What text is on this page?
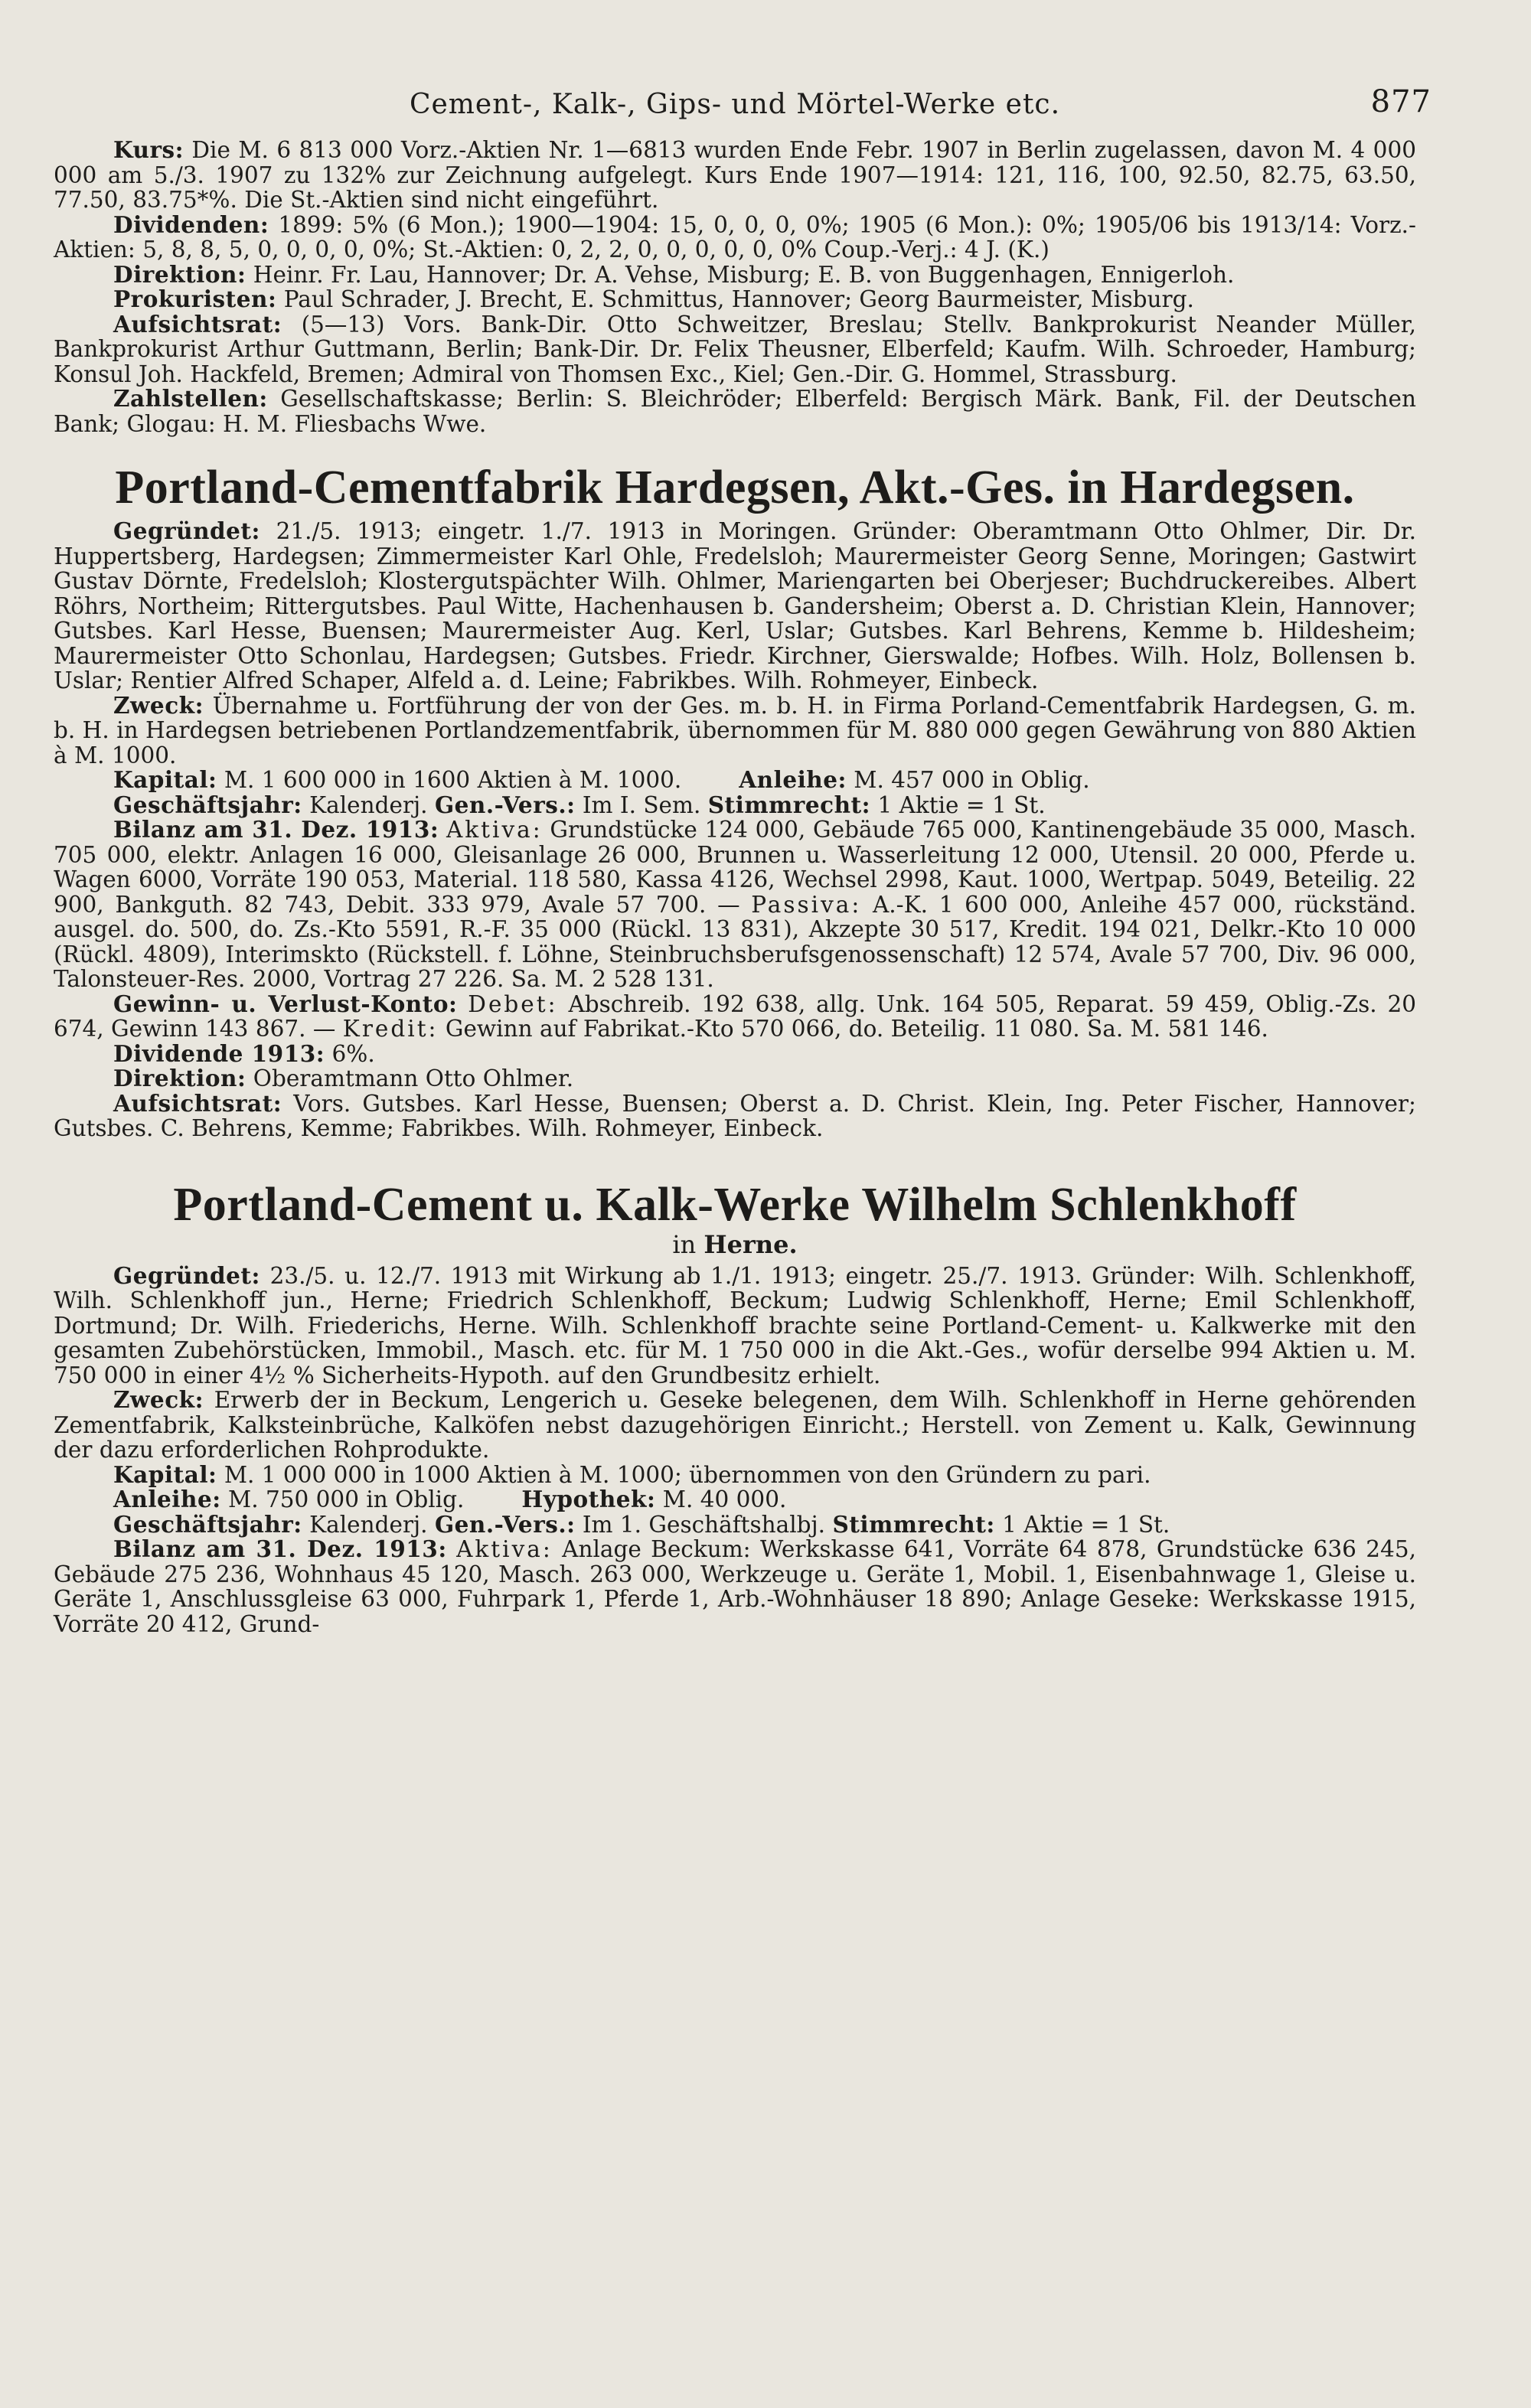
Cement-, Kalk-, Gips- und Mörtel-Werke etc.	877

Kurs: Die M. 6 813 000 Vorz.-Aktien Nr. 1—6813 wurden Ende Febr. 1907 in Berlin zugelassen, davon M. 4 000 000 am 5./3. 1907 zu 132% zur Zeichnung aufgelegt. Kurs Ende 1907—1914: 121, 116, 100, 92.50, 82.75, 63.50, 77.50, 83.75*%. Die St.-Aktien sind nicht eingeführt.

Dividenden: 1899: 5% (6 Mon.); 1900—1904: 15, 0, 0, 0, 0%; 1905 (6 Mon.): 0%; 1905/06 bis 1913/14: Vorz.-Aktien: 5, 8, 8, 5, 0, 0, 0, 0, 0%; St.-Aktien: 0, 2, 2, 0, 0, 0, 0, 0, 0% Coup.-Verj.: 4 J. (K.)

Direktion: Heinr. Fr. Lau, Hannover; Dr. A. Vehse, Misburg; E. B. von Buggenhagen, Ennigerloh.

Prokuristen: Paul Schrader, J. Brecht, E. Schmittus, Hannover; Georg Baurmeister, Misburg.

Aufsichtsrat: (5—13) Vors. Bank-Dir. Otto Schweitzer, Breslau; Stellv. Bankprokurist Neander Müller, Bankprokurist Arthur Guttmann, Berlin; Bank-Dir. Dr. Felix Theusner, Elberfeld; Kaufm. Wilh. Schroeder, Hamburg; Konsul Joh. Hackfeld, Bremen; Admiral von Thomsen Exc., Kiel; Gen.-Dir. G. Hommel, Strassburg.

Zahlstellen: Gesellschaftskasse; Berlin: S. Bleichröder; Elberfeld: Bergisch Märk. Bank, Fil. der Deutschen Bank; Glogau: H. M. Fliesbachs Wwe.

Portland-Cementfabrik Hardegsen, Akt.-Ges. in Hardegsen.

Gegründet: 21./5. 1913; eingetr. 1./7. 1913 in Moringen. Gründer: Oberamtmann Otto Ohlmer, Dir. Dr. Huppertsberg, Hardegsen; Zimmermeister Karl Ohle, Fredelsloh; Maurermeister Georg Senne, Moringen; Gastwirt Gustav Dörnte, Fredelsloh; Klostergutspächter Wilh. Ohlmer, Mariengarten bei Oberjeser; Buchdruckereibes. Albert Röhrs, Northeim; Rittergutsbes. Paul Witte, Hachenhausen b. Gandersheim; Oberst a. D. Christian Klein, Hannover; Gutsbes. Karl Hesse, Buensen; Maurermeister Aug. Kerl, Uslar; Gutsbes. Karl Behrens, Kemme b. Hildesheim; Maurermeister Otto Schonlau, Hardegsen; Gutsbes. Friedr. Kirchner, Gierswalde; Hofbes. Wilh. Holz, Bollensen b. Uslar; Rentier Alfred Schaper, Alfeld a. d. Leine; Fabrikbes. Wilh. Rohmeyer, Einbeck.

Zweck: Übernahme u. Fortführung der von der Ges. m. b. H. in Firma Porland-Cementfabrik Hardegsen, G. m. b. H. in Hardegsen betriebenen Portlandzementfabrik, übernommen für M. 880 000 gegen Gewährung von 880 Aktien à M. 1000.

Kapital: M. 1 600 000 in 1600 Aktien à M. 1000.	Anleihe: M. 457 000 in Oblig.

Geschäftsjahr: Kalenderj. Gen.-Vers.: Im I. Sem. Stimmrecht: 1 Aktie = 1 St.

Bilanz am 31. Dez. 1913: Aktiva: Grundstücke 124 000, Gebäude 765 000, Kantinengebäude 35 000, Masch. 705 000, elektr. Anlagen 16 000, Gleisanlage 26 000, Brunnen u. Wasserleitung 12 000, Utensil. 20 000, Pferde u. Wagen 6000, Vorräte 190 053, Material. 118 580, Kassa 4126, Wechsel 2998, Kaut. 1000, Wertpap. 5049, Beteilig. 22 900, Bankguth. 82 743, Debit. 333 979, Avale 57 700. — Passiva: A.-K. 1 600 000, Anleihe 457 000, rückständ. ausgel. do. 500, do. Zs.-Kto 5591, R.-F. 35 000 (Rückl. 13 831), Akzepte 30 517, Kredit. 194 021, Delkr.-Kto 10 000 (Rückl. 4809), Interimskto (Rückstell. f. Löhne, Steinbruchsberufsgenossenschaft) 12 574, Avale 57 700, Div. 96 000, Talonsteuer-Res. 2000, Vortrag 27 226. Sa. M. 2 528 131.

Gewinn- u. Verlust-Konto: Debet: Abschreib. 192 638, allg. Unk. 164 505, Reparat. 59 459, Oblig.-Zs. 20 674, Gewinn 143 867. — Kredit: Gewinn auf Fabrikat.-Kto 570 066, do. Beteilig. 11 080. Sa. M. 581 146.

Dividende 1913: 6%.

Direktion: Oberamtmann Otto Ohlmer.

Aufsichtsrat: Vors. Gutsbes. Karl Hesse, Buensen; Oberst a. D. Christ. Klein, Ing. Peter Fischer, Hannover; Gutsbes. C. Behrens, Kemme; Fabrikbes. Wilh. Rohmeyer, Einbeck.

Portland-Cement u. Kalk-Werke Wilhelm Schlenkhoff
in Herne.

Gegründet: 23./5. u. 12./7. 1913 mit Wirkung ab 1./1. 1913; eingetr. 25./7. 1913. Gründer: Wilh. Schlenkhoff, Wilh. Schlenkhoff jun., Herne; Friedrich Schlenkhoff, Beckum; Ludwig Schlenkhoff, Herne; Emil Schlenkhoff, Dortmund; Dr. Wilh. Friederichs, Herne. Wilh. Schlenkhoff brachte seine Portland-Cement- u. Kalkwerke mit den gesamten Zubehörstücken, Immobil., Masch. etc. für M. 1 750 000 in die Akt.-Ges., wofür derselbe 994 Aktien u. M. 750 000 in einer 4½ % Sicherheits-Hypoth. auf den Grundbesitz erhielt.

Zweck: Erwerb der in Beckum, Lengerich u. Geseke belegenen, dem Wilh. Schlenkhoff in Herne gehörenden Zementfabrik, Kalksteinbrüche, Kalköfen nebst dazugehörigen Einricht.; Herstell. von Zement u. Kalk, Gewinnung der dazu erforderlichen Rohprodukte.

Kapital: M. 1 000 000 in 1000 Aktien à M. 1000; übernommen von den Gründern zu pari.

Anleihe: M. 750 000 in Oblig.	Hypothek: M. 40 000.

Geschäftsjahr: Kalenderj. Gen.-Vers.: Im 1. Geschäftshalbj. Stimmrecht: 1 Aktie = 1 St.

Bilanz am 31. Dez. 1913: Aktiva: Anlage Beckum: Werkskasse 641, Vorräte 64 878, Grundstücke 636 245, Gebäude 275 236, Wohnhaus 45 120, Masch. 263 000, Werkzeuge u. Geräte 1, Mobil. 1, Eisenbahnwage 1, Gleise u. Geräte 1, Anschlussgleise 63 000, Fuhrpark 1, Pferde 1, Arb.-Wohnhäuser 18 890; Anlage Geseke: Werkskasse 1915, Vorräte 20 412, Grund-
